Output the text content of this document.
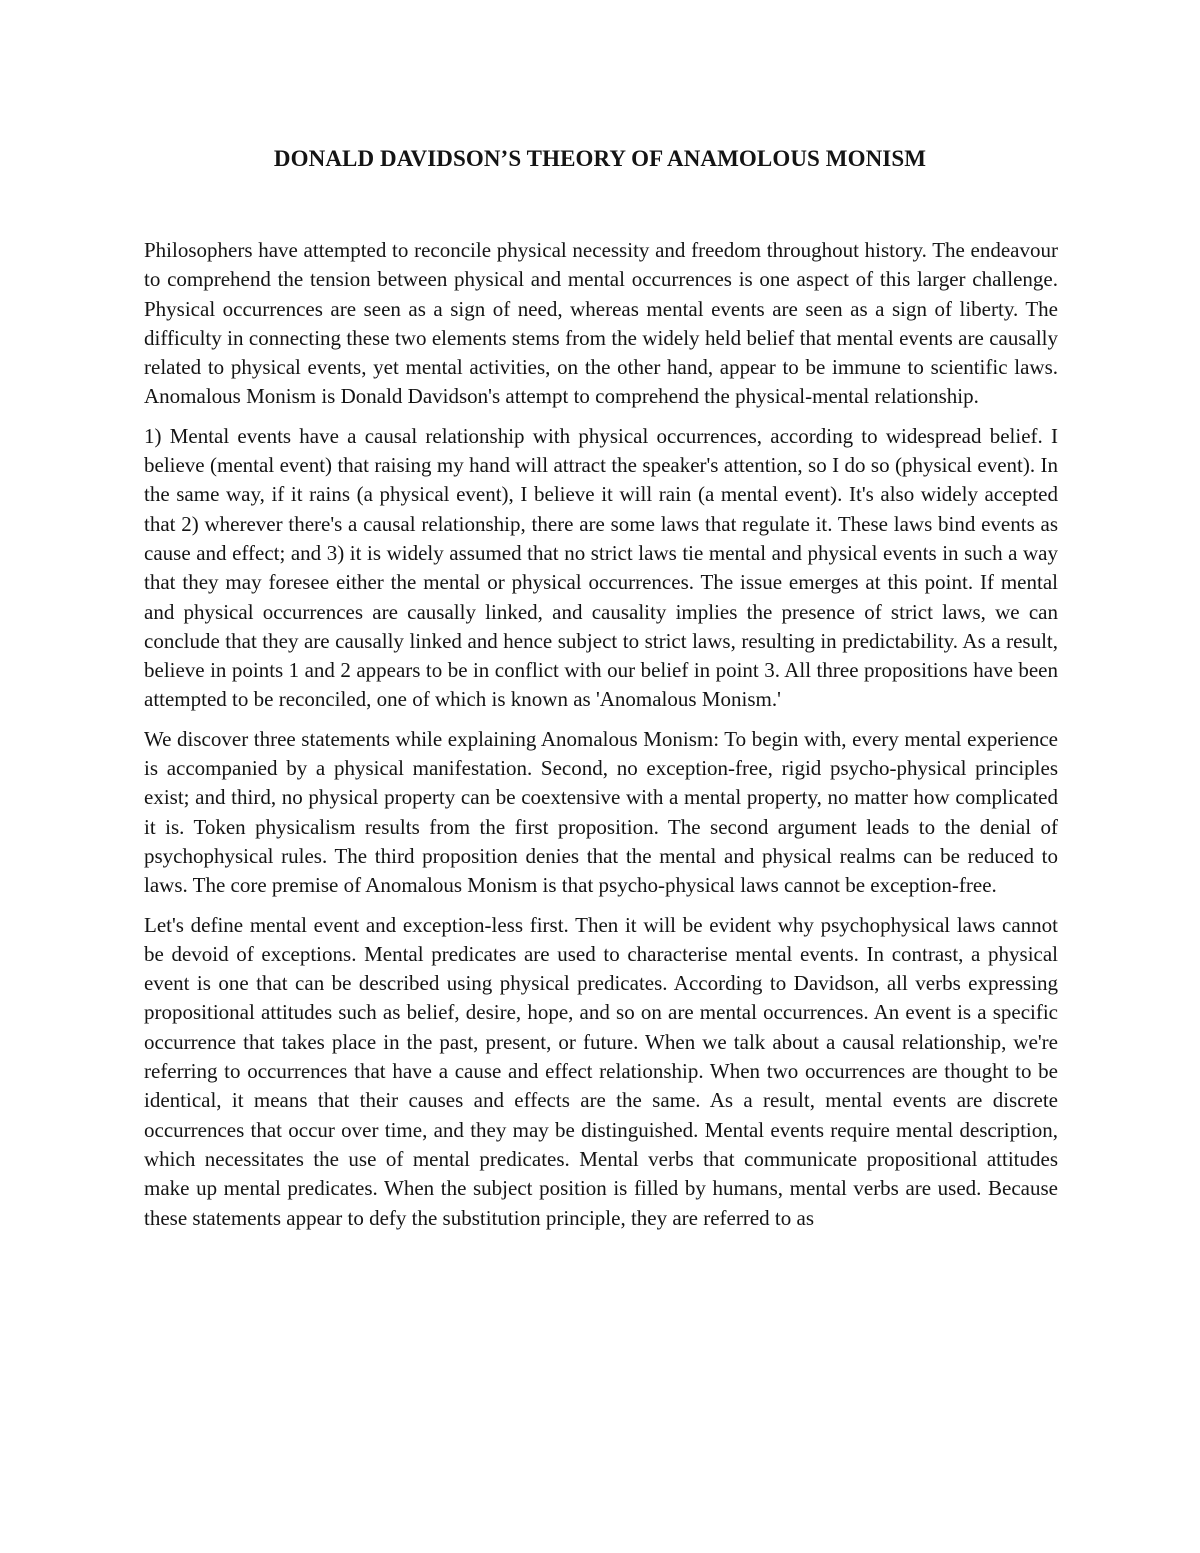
DONALD DAVIDSON’S THEORY OF ANAMOLOUS MONISM

Philosophers have attempted to reconcile physical necessity and freedom throughout history. The endeavour to comprehend the tension between physical and mental occurrences is one aspect of this larger challenge. Physical occurrences are seen as a sign of need, whereas mental events are seen as a sign of liberty. The difficulty in connecting these two elements stems from the widely held belief that mental events are causally related to physical events, yet mental activities, on the other hand, appear to be immune to scientific laws. Anomalous Monism is Donald Davidson's attempt to comprehend the physical-mental relationship.

1) Mental events have a causal relationship with physical occurrences, according to widespread belief. I believe (mental event) that raising my hand will attract the speaker's attention, so I do so (physical event). In the same way, if it rains (a physical event), I believe it will rain (a mental event). It's also widely accepted that 2) wherever there's a causal relationship, there are some laws that regulate it. These laws bind events as cause and effect; and 3) it is widely assumed that no strict laws tie mental and physical events in such a way that they may foresee either the mental or physical occurrences. The issue emerges at this point. If mental and physical occurrences are causally linked, and causality implies the presence of strict laws, we can conclude that they are causally linked and hence subject to strict laws, resulting in predictability. As a result, believe in points 1 and 2 appears to be in conflict with our belief in point 3. All three propositions have been attempted to be reconciled, one of which is known as 'Anomalous Monism.'

We discover three statements while explaining Anomalous Monism: To begin with, every mental experience is accompanied by a physical manifestation. Second, no exception-free, rigid psycho-physical principles exist; and third, no physical property can be coextensive with a mental property, no matter how complicated it is. Token physicalism results from the first proposition. The second argument leads to the denial of psychophysical rules. The third proposition denies that the mental and physical realms can be reduced to laws. The core premise of Anomalous Monism is that psycho-physical laws cannot be exception-free.

Let's define mental event and exception-less first. Then it will be evident why psychophysical laws cannot be devoid of exceptions. Mental predicates are used to characterise mental events. In contrast, a physical event is one that can be described using physical predicates. According to Davidson, all verbs expressing propositional attitudes such as belief, desire, hope, and so on are mental occurrences. An event is a specific occurrence that takes place in the past, present, or future. When we talk about a causal relationship, we're referring to occurrences that have a cause and effect relationship. When two occurrences are thought to be identical, it means that their causes and effects are the same. As a result, mental events are discrete occurrences that occur over time, and they may be distinguished. Mental events require mental description, which necessitates the use of mental predicates. Mental verbs that communicate propositional attitudes make up mental predicates. When the subject position is filled by humans, mental verbs are used. Because these statements appear to defy the substitution principle, they are referred to as
